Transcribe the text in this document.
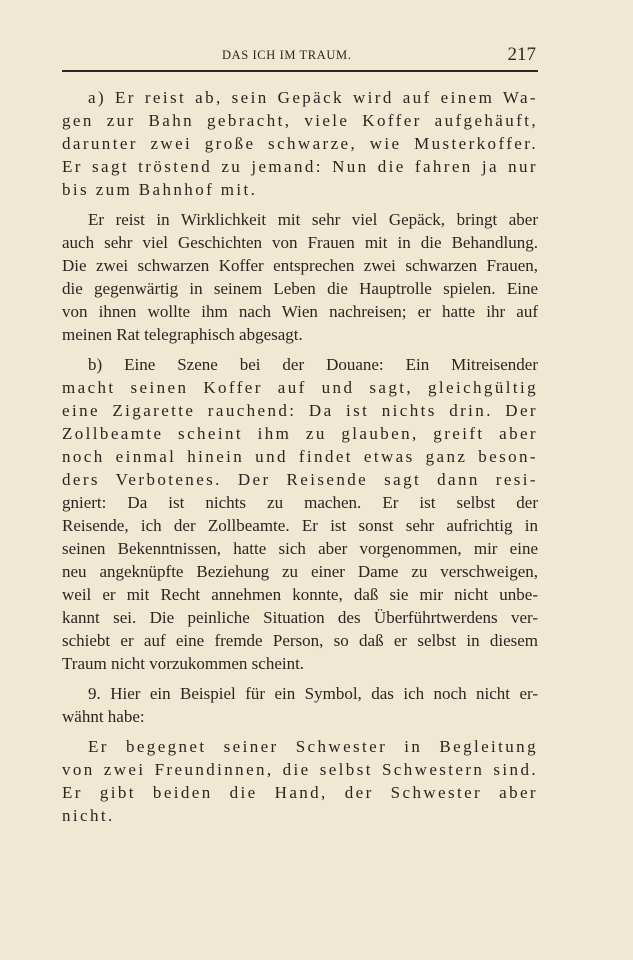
DAS ICH IM TRAUM.	217
a) Er reist ab, sein Gepäck wird auf einem Wa-
gen zur Bahn gebracht, viele Koffer aufgehäuft,
darunter zwei große schwarze, wie Musterkoffer.
Er sagt tröstend zu jemand: Nun die fahren ja nur
bis zum Bahnhof mit.
Er reist in Wirklichkeit mit sehr viel Gepäck, bringt aber
auch sehr viel Geschichten von Frauen mit in die Behandlung.
Die zwei schwarzen Koffer entsprechen zwei schwarzen Frauen,
die gegenwärtig in seinem Leben die Hauptrolle spielen. Eine
von ihnen wollte ihm nach Wien nachreisen; er hatte ihr auf
meinen Rat telegraphisch abgesagt.
b) Eine Szene bei der Douane: Ein Mitreisender
macht seinen Koffer auf und sagt, gleichgültig
eine Zigarette rauchend: Da ist nichts drin. Der
Zollbeamte scheint ihm zu glauben, greift aber
noch einmal hinein und findet etwas ganz beson-
ders Verbotenes. Der Reisende sagt dann resi-
gniert: Da ist nichts zu machen. Er ist selbst der
Reisende, ich der Zollbeamte. Er ist sonst sehr aufrichtig in
seinen Bekenntnissen, hatte sich aber vorgenommen, mir eine
neu angeknüpfte Beziehung zu einer Dame zu verschweigen,
weil er mit Recht annehmen konnte, daß sie mir nicht unbe-
kannt sei. Die peinliche Situation des Überführtwerdens ver-
schiebt er auf eine fremde Person, so daß er selbst in diesem
Traum nicht vorzukommen scheint.
9. Hier ein Beispiel für ein Symbol, das ich noch nicht er-
wähnt habe:
Er begegnet seiner Schwester in Begleitung
von zwei Freundinnen, die selbst Schwestern sind.
Er gibt beiden die Hand, der Schwester aber
nicht.
